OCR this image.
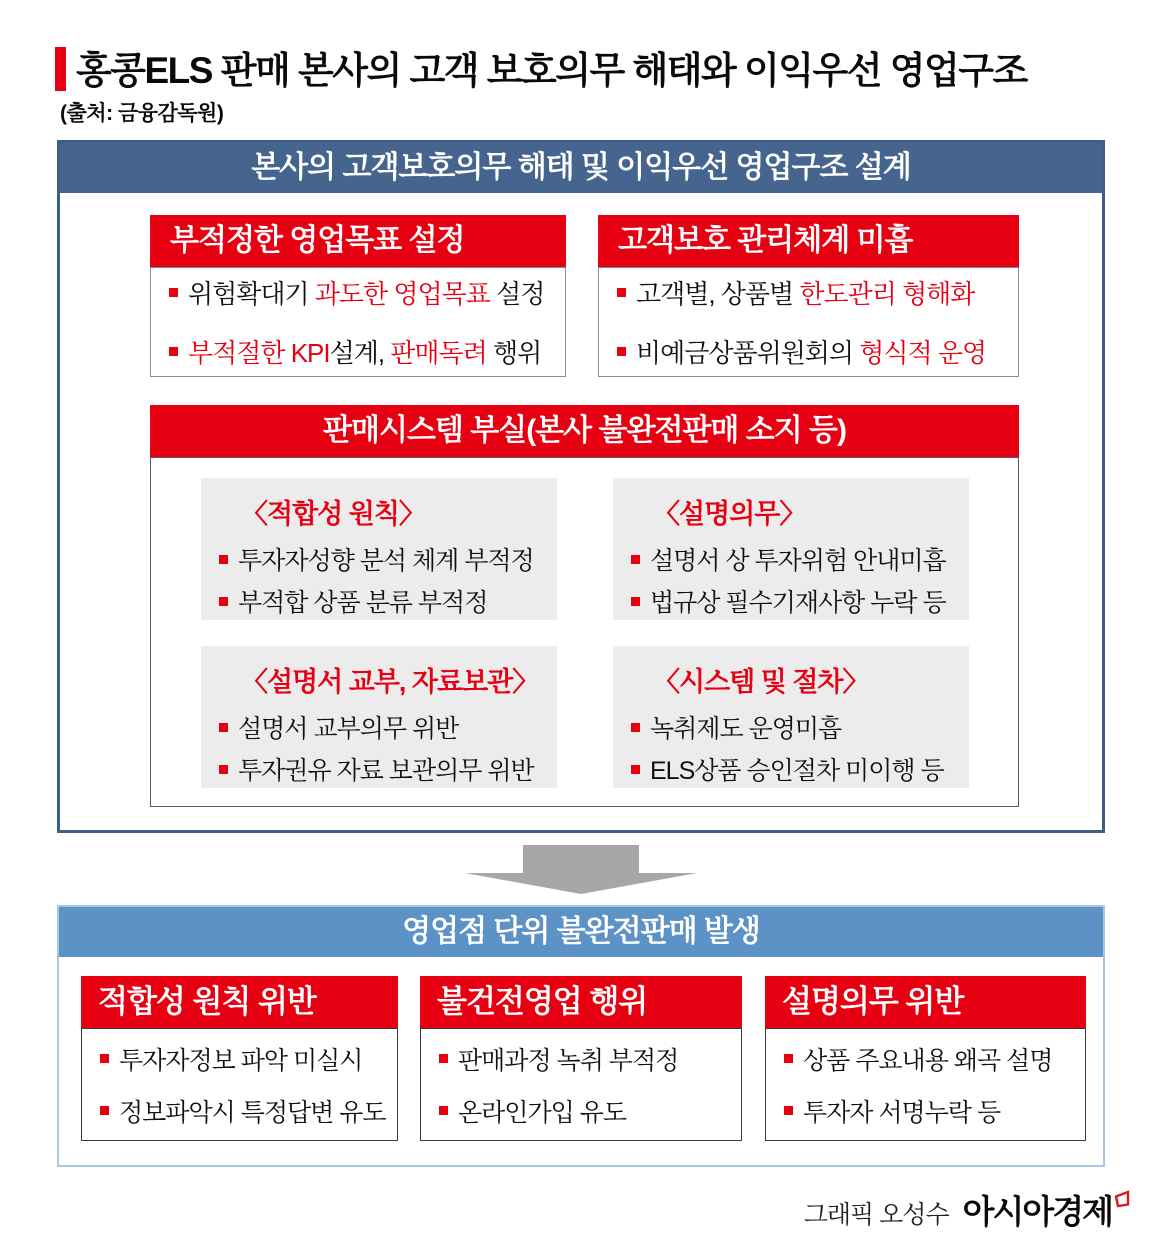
홍콩ELS 판매 본사의 고객 보호의무 해태와 이익우선 영업구조
(출처: 금융감독원)
본사의 고객보호의무 해태 및 이익우선 영업구조 설계
부적정한 영업목표 설정
위험확대기 과도한 영업목표 설정
부적절한 KPI설계, 판매독려 행위
고객보호 관리체계 미흡
고객별, 상품별 한도관리 형해화
비예금상품위원회의 형식적 운영
판매시스템 부실(본사 불완전판매 소지 등)
〈적합성 원칙〉
투자자성향 분석 체계 부적정
부적합 상품 분류 부적정
〈설명의무〉
설명서 상 투자위험 안내미흡
법규상 필수기재사항 누락 등
〈설명서 교부, 자료보관〉
설명서 교부의무 위반
투자권유 자료 보관의무 위반
〈시스템 및 절차〉
녹취제도 운영미흡
ELS상품 승인절차 미이행 등
영업점 단위 불완전판매 발생
적합성 원칙 위반
투자자정보 파악 미실시
정보파악시 특정답변 유도
불건전영업 행위
판매과정 녹취 부적정
온라인가입 유도
설명의무 위반
상품 주요내용 왜곡 설명
투자자 서명누락 등
그래픽 오성수 아시아경제
